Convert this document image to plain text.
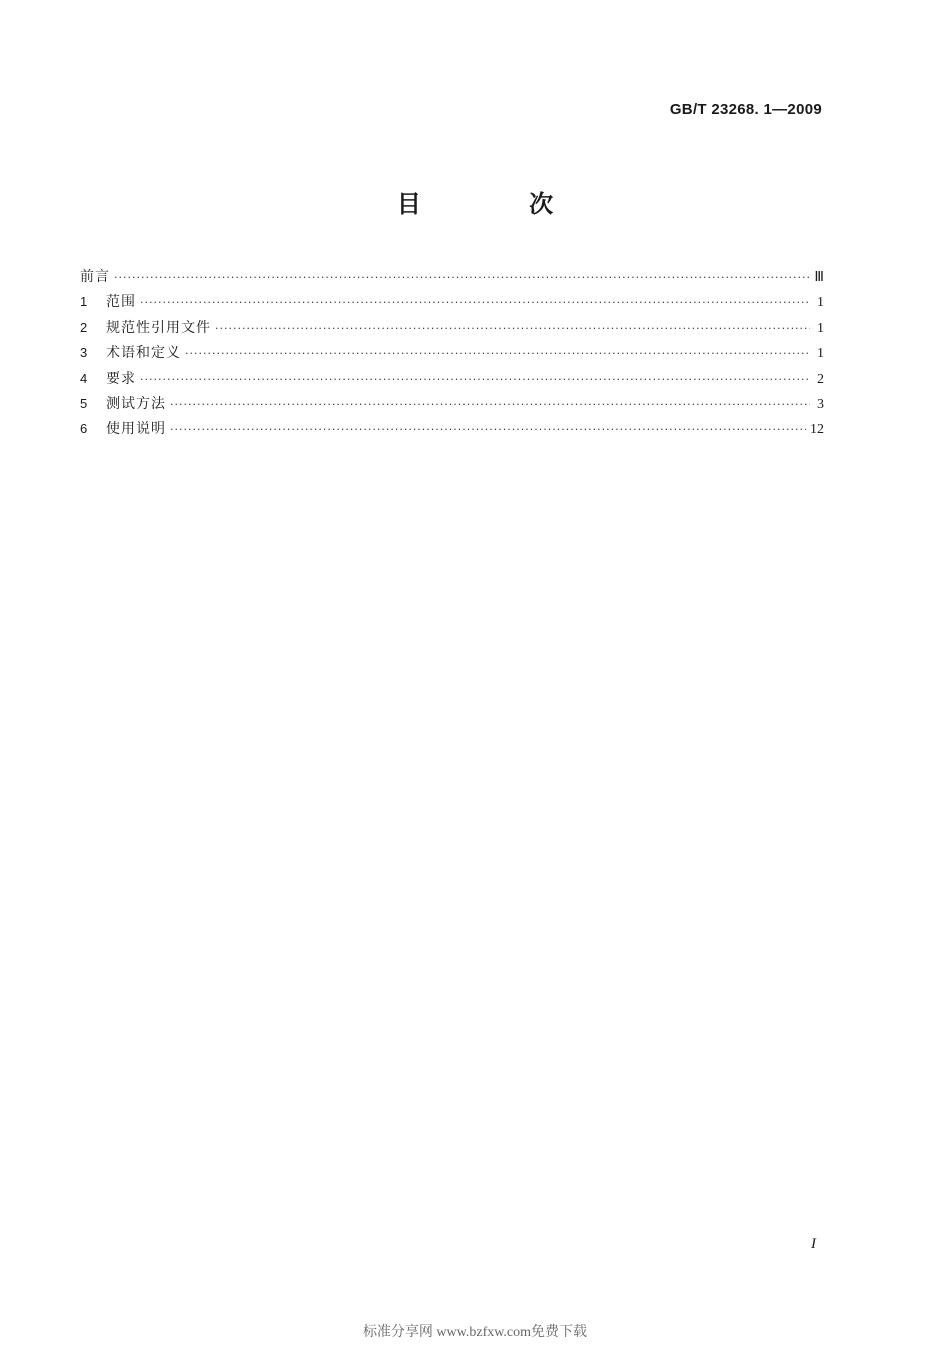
GB/T 23268. 1—2009
目 次
前言 ·····	Ⅲ
1	范围 ·····	1
2	规范性引用文件 ·····	1
3	术语和定义 ·····	1
4	要求 ·····	2
5	测试方法 ·····	3
6	使用说明 ·····	12
I
标准分享网 www.bzfxw.com免费下载
